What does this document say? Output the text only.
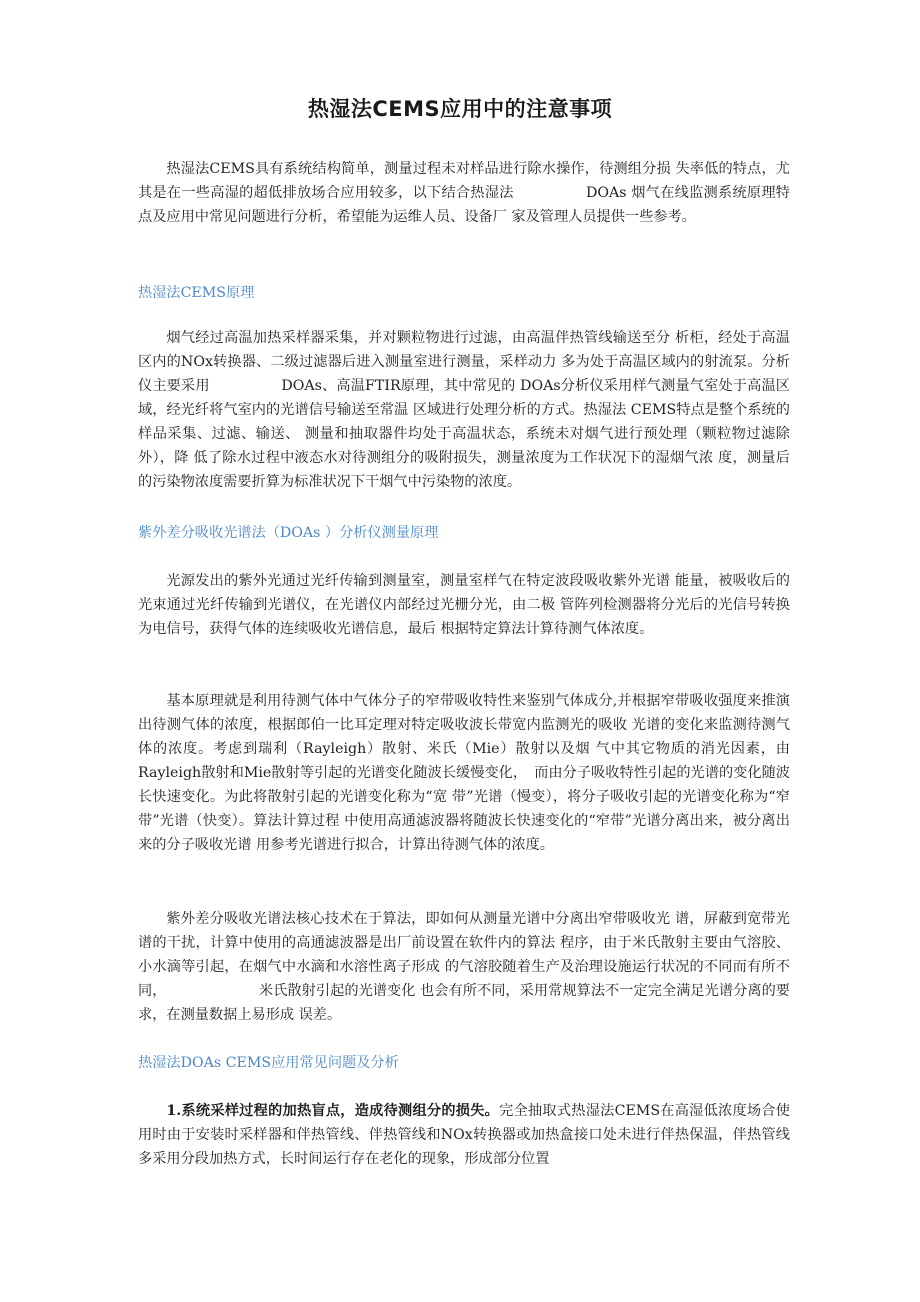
热湿法CEMS应用中的注意事项

热湿法CEMS具有系统结构简单，测量过程未对样品进行除水操作，待测组分损 失率低的特点，尤其是在一些高湿的超低排放场合应用较多，以下结合热湿法　　　　　DOAs 烟气在线监测系统原理特点及应用中常见问题进行分析，希望能为运维人员、设备厂 家及管理人员提供一些参考。

热湿法CEMS原理

烟气经过高温加热采样器采集，并对颗粒物进行过滤，由高温伴热管线输送至分 析柜，经处于高温区内的NOx转换器、二级过滤器后进入测量室进行测量，采样动力 多为处于高温区域内的射流泵。分析仪主要采用　　　　　DOAs、高温FTIR原理，其中常见的 DOAs分析仪采用样气测量气室处于高温区域，经光纤将气室内的光谱信号输送至常温 区域进行处理分析的方式。热湿法 CEMS特点是整个系统的样品采集、过滤、输送、 测量和抽取器件均处于高温状态，系统未对烟气进行预处理（颗粒物过滤除外），降 低了除水过程中液态水对待测组分的吸附损失，测量浓度为工作状况下的湿烟气浓 度，测量后的污染物浓度需要折算为标准状况下干烟气中污染物的浓度。

紫外差分吸收光谱法（DOAs ）分析仪测量原理

光源发出的紫外光通过光纤传输到测量室，测量室样气在特定波段吸收紫外光谱 能量，被吸收后的光束通过光纤传输到光谱仪，在光谱仪内部经过光栅分光，由二极 管阵列检测器将分光后的光信号转换为电信号，获得气体的连续吸收光谱信息，最后 根据特定算法计算待测气体浓度。

基本原理就是利用待测气体中气体分子的窄带吸收特性来鉴别气体成分,并根据窄带吸收强度来推演出待测气体的浓度，根据郎伯一比耳定理对特定吸收波长带宽内监测光的吸收 光谱的变化来监测待测气体的浓度。考虑到瑞利（Rayleigh）散射、米氏（Mie）散射以及烟 气中其它物质的消光因素，由Rayleigh散射和Mie散射等引起的光谱变化随波长缓慢变化，　而由分子吸收特性引起的光谱的变化随波长快速变化。为此将散射引起的光谱变化称为“宽 带”光谱（慢变），将分子吸收引起的光谱变化称为“窄带”光谱（快变）。算法计算过程 中使用高通滤波器将随波长快速变化的“窄带”光谱分离出来，被分离出来的分子吸收光谱 用参考光谱进行拟合，计算出待测气体的浓度。

紫外差分吸收光谱法核心技术在于算法，即如何从测量光谱中分离出窄带吸收光 谱，屏蔽到宽带光谱的干扰，计算中使用的高通滤波器是出厂前设置在软件内的算法 程序，由于米氏散射主要由气溶胶、小水滴等引起，在烟气中水滴和水溶性离子形成 的气溶胶随着生产及治理设施运行状况的不同而有所不同，　　　　　　　米氏散射引起的光谱变化 也会有所不同，采用常规算法不一定完全满足光谱分离的要求，在测量数据上易形成 误差。

热湿法DOAs CEMS应用常见问题及分析

1.系统采样过程的加热盲点，造成待测组分的损失。完全抽取式热湿法CEMS在高湿低浓度场合使用时由于安装时采样器和伴热管线、伴热管线和NOx转换器或加热盒接口处未进行伴热保温，伴热管线多采用分段加热方式，长时间运行存在老化的现象，形成部分位置
